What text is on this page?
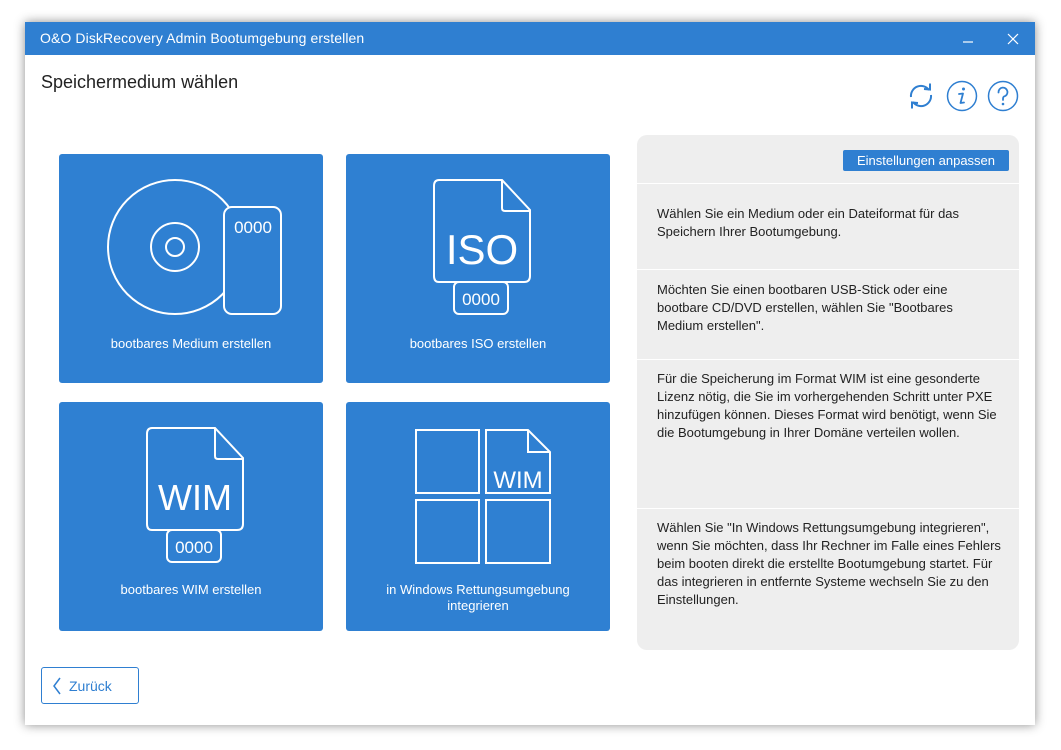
O&O DiskRecovery Admin Bootumgebung erstellen
Speichermedium wählen
0000
bootbares Medium erstellen
ISO
0000
bootbares ISO erstellen
WIM
0000
bootbares WIM erstellen
WIM
in Windows Rettungsumgebung integrieren
Einstellungen anpassen
Wählen Sie ein Medium oder ein Dateiformat für das Speichern Ihrer Bootumgebung.
Möchten Sie einen bootbaren USB-Stick oder eine bootbare CD/DVD erstellen, wählen Sie "Bootbares Medium erstellen".
Für die Speicherung im Format WIM ist eine gesonderte Lizenz nötig, die Sie im vorhergehenden Schritt unter PXE hinzufügen können. Dieses Format wird benötigt, wenn Sie die Bootumgebung in Ihrer Domäne verteilen wollen.
Wählen Sie "In Windows Rettungsumgebung integrieren", wenn Sie möchten, dass Ihr Rechner im Falle eines Fehlers beim booten direkt die erstellte Bootumgebung startet. Für das integrieren in entfernte Systeme wechseln Sie zu den Einstellungen.
Zurück
